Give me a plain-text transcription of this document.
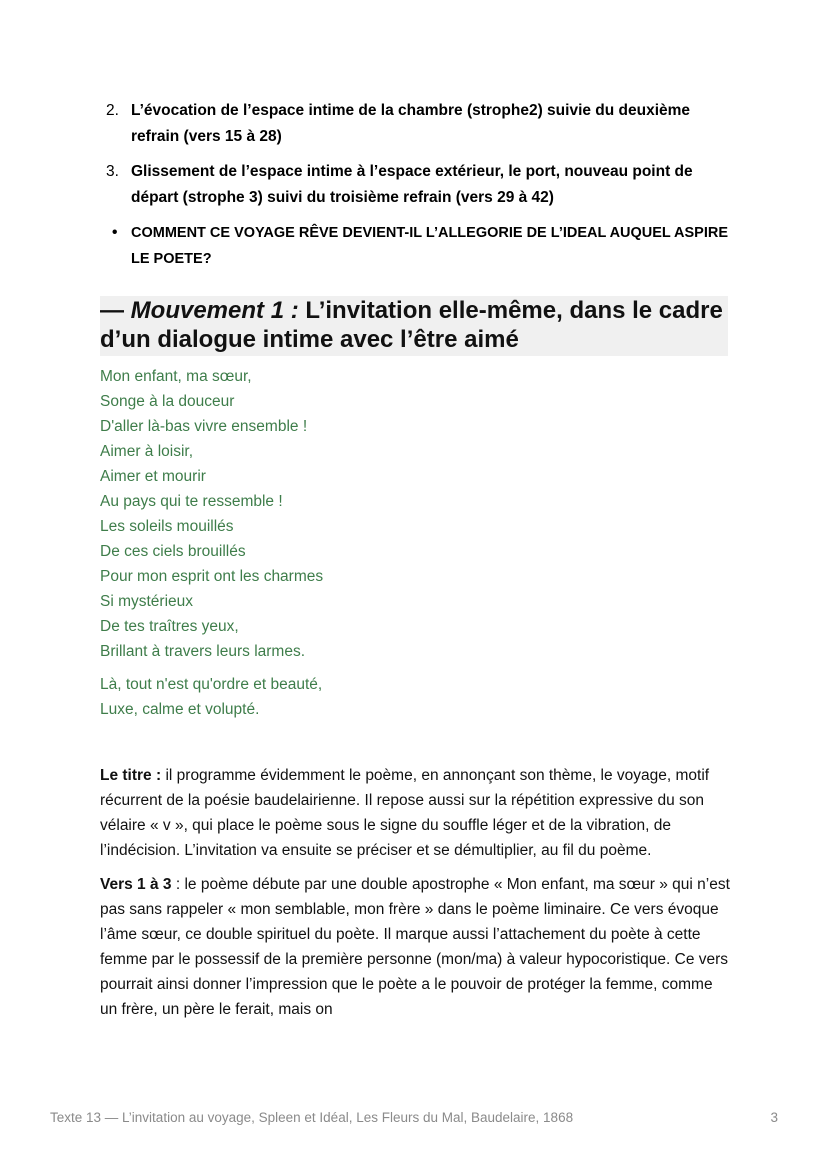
2. L’évocation de l’espace intime de la chambre (strophe2) suivie du deuxième refrain (vers 15 à 28)
3. Glissement de l’espace intime à l’espace extérieur, le port, nouveau point de départ (strophe 3) suivi du troisième refrain (vers 29 à 42)
• COMMENT CE VOYAGE RÊVE DEVIENT-IL L’ALLEGORIE DE L’IDEAL AUQUEL ASPIRE LE POETE?
— Mouvement 1 : L’invitation elle-même, dans le cadre d’un dialogue intime avec l’être aimé

Mon enfant, ma sœur,

Songe à la douceur

D'aller là-bas vivre ensemble !

Aimer à loisir,

Aimer et mourir

Au pays qui te ressemble !

Les soleils mouillés

De ces ciels brouillés

Pour mon esprit ont les charmes

Si mystérieux

De tes traîtres yeux,

Brillant à travers leurs larmes.

Là, tout n'est qu'ordre et beauté,

Luxe, calme et volupté.

Le titre : il programme évidemment le poème, en annonçant son thème, le voyage, motif récurrent de la poésie baudelairienne. Il repose aussi sur la répétition expressive du son vélaire « v », qui place le poème sous le signe du souffle léger et de la vibration, de l’indécision. L’invitation va ensuite se préciser et se démultiplier, au fil du poème.

Vers 1 à 3 : le poème débute par une double apostrophe « Mon enfant, ma sœur » qui n’est pas sans rappeler « mon semblable, mon frère » dans le poème liminaire. Ce vers évoque l’âme sœur, ce double spirituel du poète. Il marque aussi l’attachement du poète à cette femme par le possessif de la première personne (mon/ma) à valeur hypocoristique. Ce vers pourrait ainsi donner l’impression que le poète a le pouvoir de protéger la femme, comme un frère, un père le ferait, mais on

Texte 13 — L’invitation au voyage, Spleen et Idéal, Les Fleurs du Mal, Baudelaire, 1868	3
